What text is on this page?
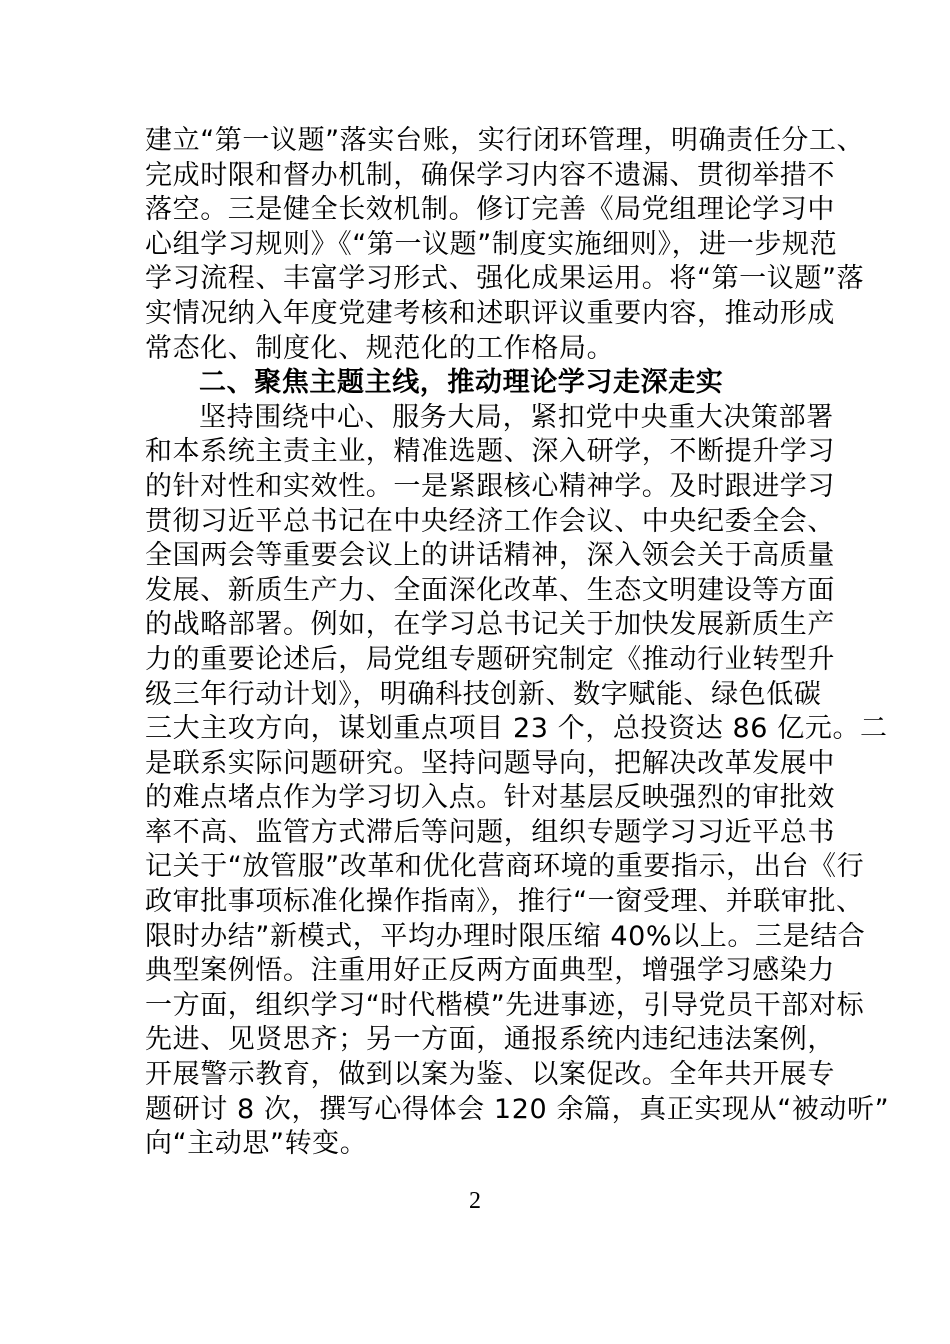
建立“第一议题”落实台账，实行闭环管理，明确责任分工、
完成时限和督办机制，确保学习内容不遗漏、贯彻举措不
落空。三是健全长效机制。修订完善《局党组理论学习中
心组学习规则》《“第一议题”制度实施细则》，进一步规范
学习流程、丰富学习形式、强化成果运用。将“第一议题”落
实情况纳入年度党建考核和述职评议重要内容，推动形成
常态化、制度化、规范化的工作格局。
二、聚焦主题主线，推动理论学习走深走实
坚持围绕中心、服务大局，紧扣党中央重大决策部署
和本系统主责主业，精准选题、深入研学，不断提升学习
的针对性和实效性。一是紧跟核心精神学。及时跟进学习
贯彻习近平总书记在中央经济工作会议、中央纪委全会、
全国两会等重要会议上的讲话精神，深入领会关于高质量
发展、新质生产力、全面深化改革、生态文明建设等方面
的战略部署。例如，在学习总书记关于加快发展新质生产
力的重要论述后，局党组专题研究制定《推动行业转型升
级三年行动计划》，明确科技创新、数字赋能、绿色低碳
三大主攻方向，谋划重点项目 23 个，总投资达 86 亿元。二
是联系实际问题研究。坚持问题导向，把解决改革发展中
的难点堵点作为学习切入点。针对基层反映强烈的审批效
率不高、监管方式滞后等问题，组织专题学习习近平总书
记关于“放管服”改革和优化营商环境的重要指示，出台《行
政审批事项标准化操作指南》，推行“一窗受理、并联审批、
限时办结”新模式，平均办理时限压缩 40%以上。三是结合
典型案例悟。注重用好正反两方面典型，增强学习感染力
一方面，组织学习“时代楷模”先进事迹，引导党员干部对标
先进、见贤思齐；另一方面，通报系统内违纪违法案例，
开展警示教育，做到以案为鉴、以案促改。全年共开展专
题研讨 8 次，撰写心得体会 120 余篇，真正实现从“被动听”
向“主动思”转变。
2
